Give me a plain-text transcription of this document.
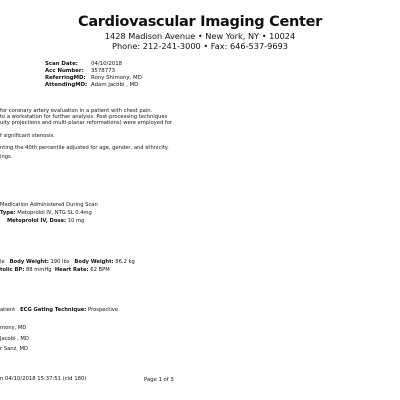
Cardiovascular Imaging Center
1428 Madison Avenue • New York, NY • 10024
Phone: 212-241-3000 • Fax: 646-537-9693
Scan Date: 04/10/2018
Acc Number: 3578773
ReferringMD: Rony Shimony, MD
AttendingMD: Adam Jacobi , MD
for coronary artery evaluation in a patient with chest pain.
to a workstation for further analysis. Post-processing techniques
uity projections and multi-planar reformations) were employed for
f significant stenosis.
nting the 40th percentile adjusted for age, gender, and ethnicity.
ings.
Medication Administered During Scan
Type: Metoprolol IV, NTG SL 0.4mg
Metoprolol IV, Dose: 10 mg
le Body Weight: 190 lbs Body Weight: 86.2 kg
tolic BP: 88 mmHg Heart Rate: 62 BPM
atient ECG Gating Technique: Prospective
mony, MD
Jacobi , MD
r Sanz, MD
n 04/10/2018 15:37:51 (cid 180)	Page 1 of 3
